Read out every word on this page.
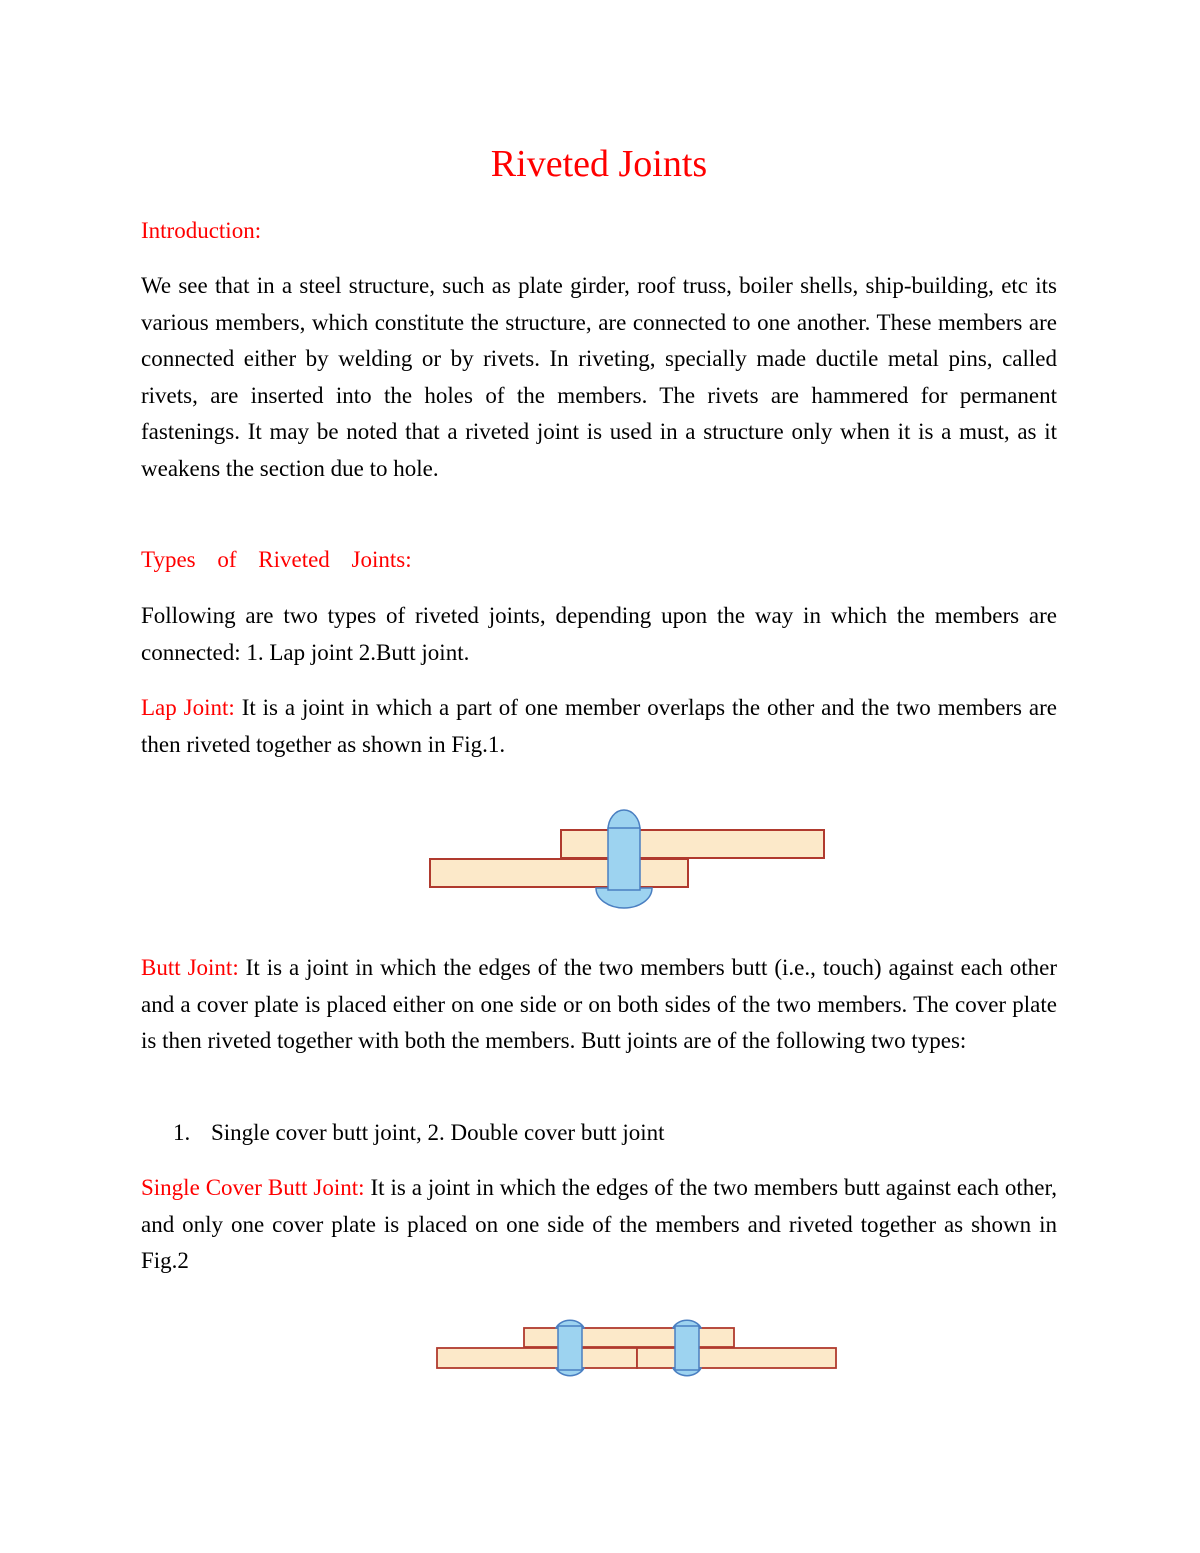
Riveted Joints
Introduction:
We see that in a steel structure, such as plate girder, roof truss, boiler shells, ship-building, etc its various members, which constitute the structure, are connected to one another. These members are connected either by welding or by rivets. In riveting, specially made ductile metal pins, called rivets, are inserted into the holes of the members. The rivets are hammered for permanent fastenings. It may be noted that a riveted joint is used in a structure only when it is a must, as it weakens the section due to hole.
Types of Riveted Joints:
Following are two types of riveted joints, depending upon the way in which the members are connected: 1. Lap joint 2.Butt joint.
Lap Joint: It is a joint in which a part of one member overlaps the other and the two members are then riveted together as shown in Fig.1.
Butt Joint: It is a joint in which the edges of the two members butt (i.e., touch) against each other and a cover plate is placed either on one side or on both sides of the two members. The cover plate is then riveted together with both the members. Butt joints are of the following two types:
1. Single cover butt joint, 2. Double cover butt joint
Single Cover Butt Joint: It is a joint in which the edges of the two members butt against each other, and only one cover plate is placed on one side of the members and riveted together as shown in Fig.2
